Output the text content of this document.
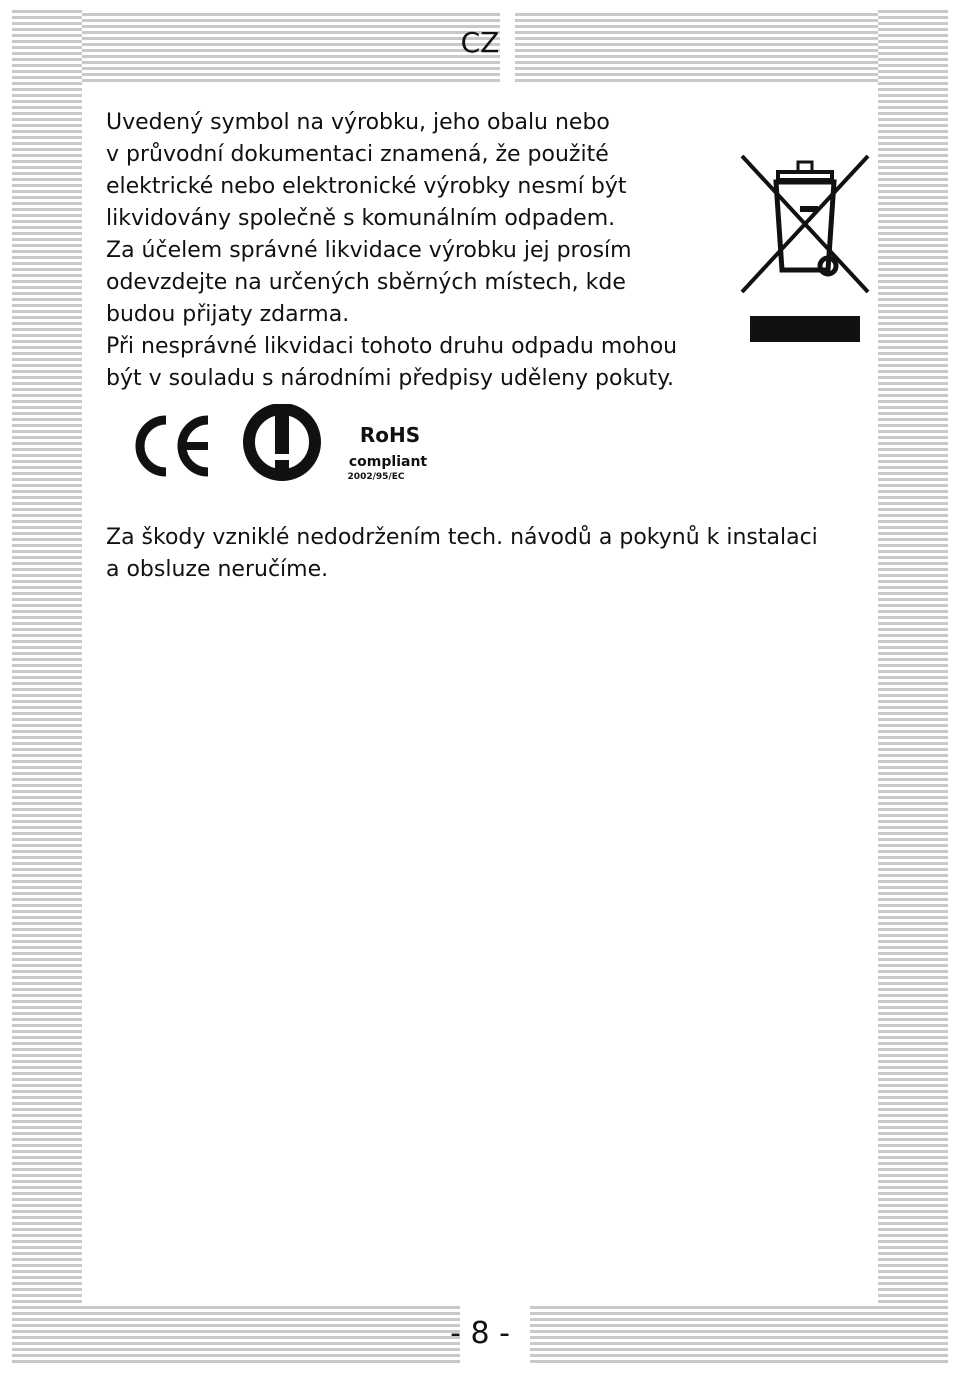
CZ

Uvedený symbol na výrobku, jeho obalu nebo

v průvodní dokumentaci znamená, že použité

elektrické nebo elektronické výrobky nesmí být

likvidovány společně s komunálním odpadem.

Za účelem správné likvidace výrobku jej prosím

odevzdejte na určených sběrných místech, kde

budou přijaty zdarma.

Při nesprávné likvidaci tohoto druhu odpadu mohou

být v souladu s národními předpisy uděleny pokuty.

RoHS
compliant
2002/95/EC
Za škody vzniklé nedodržením tech. návodů a pokynů k instalaci
a obsluze neručíme.
- 8 -
